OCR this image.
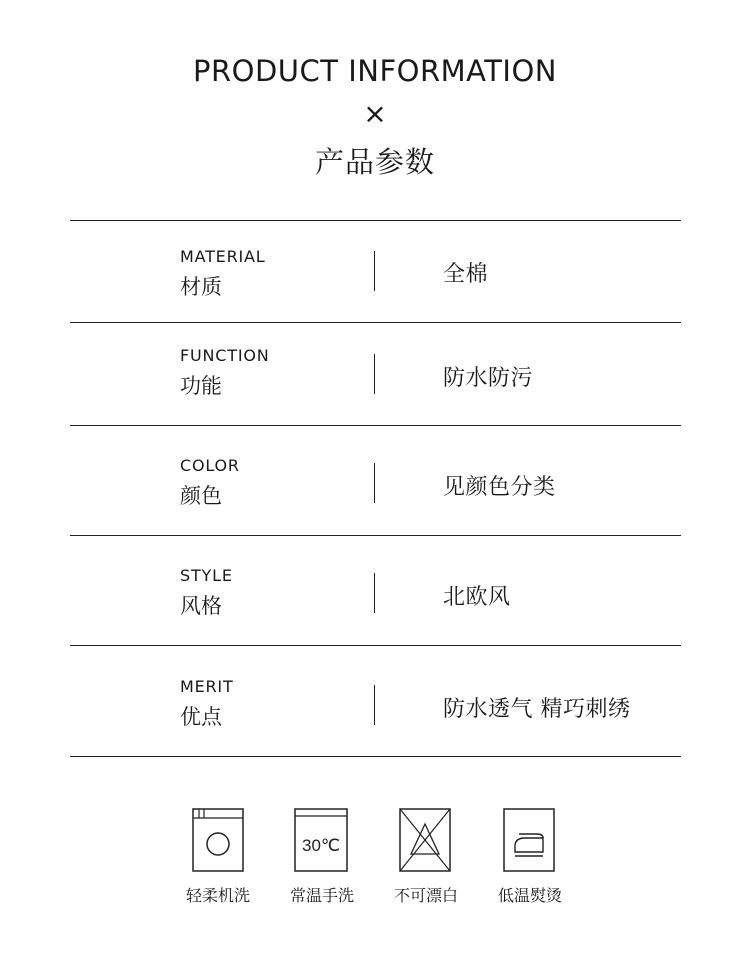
PRODUCT INFORMATION
×
产品参数
MATERIAL
材质	全棉
FUNCTION
功能	防水防污
COLOR
颜色	见颜色分类
STYLE
风格	北欧风
MERIT
优点	防水透气 精巧刺绣
30℃
轻柔机洗	常温手洗	不可漂白	低温熨烫
